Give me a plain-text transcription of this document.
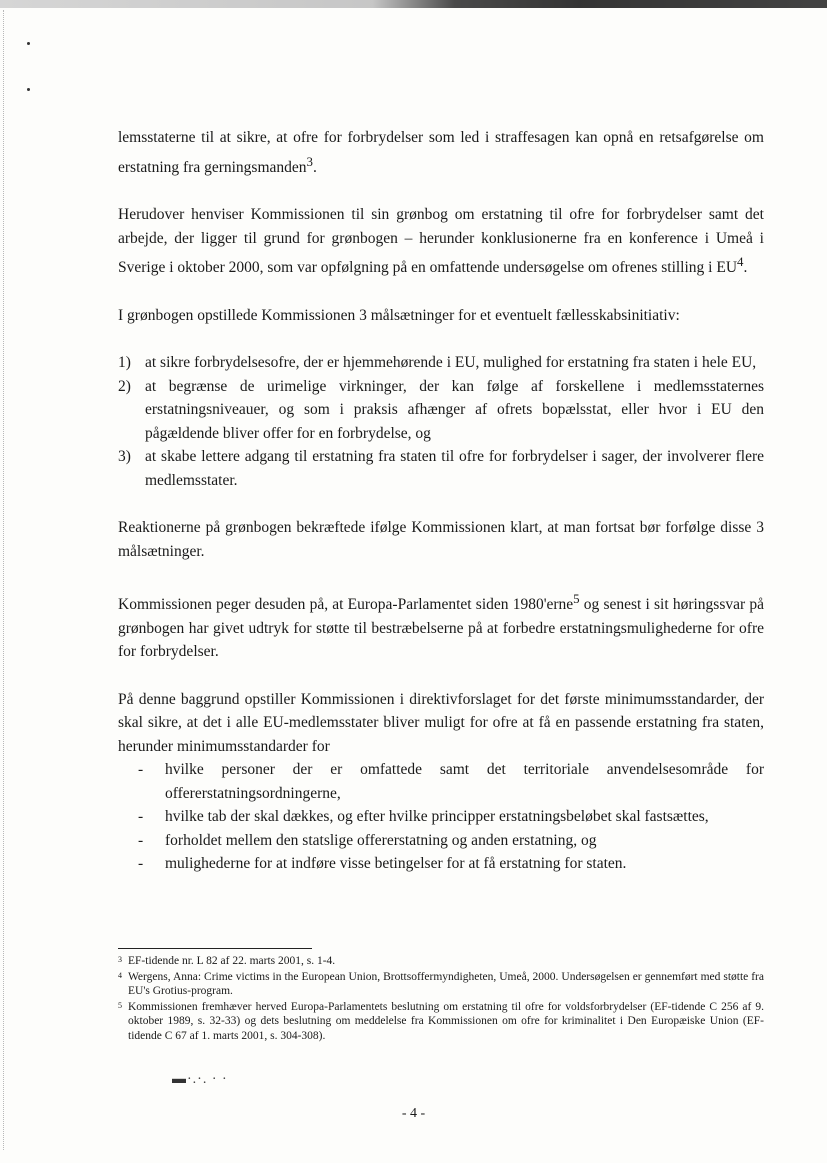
lemsstaterne til at sikre, at ofre for forbrydelser som led i straffesagen kan opnå en retsafgørelse om erstatning fra gerningsmanden$^3$.

Herudover henviser Kommissionen til sin grønbog om erstatning til ofre for forbrydelser samt det arbejde, der ligger til grund for grønbogen – herunder konklusionerne fra en konference i Umeå i Sverige i oktober 2000, som var opfølgning på en omfattende undersøgelse om ofrenes stilling i $EU^4$.

I grønbogen opstillede Kommissionen 3 målsætninger for et eventuelt fællesskabsinitiativ:

1) at sikre forbrydelsesofre, der er hjemmehørende i EU, mulighed for erstatning fra staten i hele EU,
2) at begrænse de urimelige virkninger, der kan følge af forskellene i medlemsstaternes erstatningsniveauer, og som i praksis afhænger af ofrets bopælsstat, eller hvor i EU den pågældende bliver offer for en forbrydelse, og
3) at skabe lettere adgang til erstatning fra staten til ofre for forbrydelser i sager, der involverer flere medlemsstater.

Reaktionerne på grønbogen bekræftede ifølge Kommissionen klart, at man fortsat bør forfølge disse 3 målsætninger.

Kommissionen peger desuden på, at Europa-Parlamentet siden 1980'erne$^5$ og senest i sit høringssvar på grønbogen har givet udtryk for støtte til bestræbelserne på at forbedre erstatningsmulighederne for ofre for forbrydelser.

På denne baggrund opstiller Kommissionen i direktivforslaget for det første minimumsstandarder, der skal sikre, at det i alle EU-medlemsstater bliver muligt for ofre at få en passende erstatning fra staten, herunder minimumsstandarder for

- hvilke personer der er omfattede samt det territoriale anvendelsesområde for offererstatningsordningerne,
- hvilke tab der skal dækkes, og efter hvilke principper erstatningsbeløbet skal fastsættes,
- forholdet mellem den statslige offererstatning og anden erstatning, og
- mulighederne for at indføre visse betingelser for at få erstatning for staten.
3 EF-tidende nr. L 82 af 22. marts 2001, s. 1-4.
4 Wergens, Anna: Crime victims in the European Union, Brottsoffermyndigheten, Umeå, 2000. Undersøgelsen er gennemført med støtte fra EU's Grotius-program.
5 Kommissionen fremhæver herved Europa-Parlamentets beslutning om erstatning til ofre for voldsforbrydelser (EF-tidende C 256 af 9. oktober 1989, s. 32-33) og dets beslutning om meddelelse fra Kommissionen om ofre for kriminalitet i Den Europæiske Union (EF-tidende C 67 af 1. marts 2001, s. 304-308).
▬·.·. · ·
- 4 -
